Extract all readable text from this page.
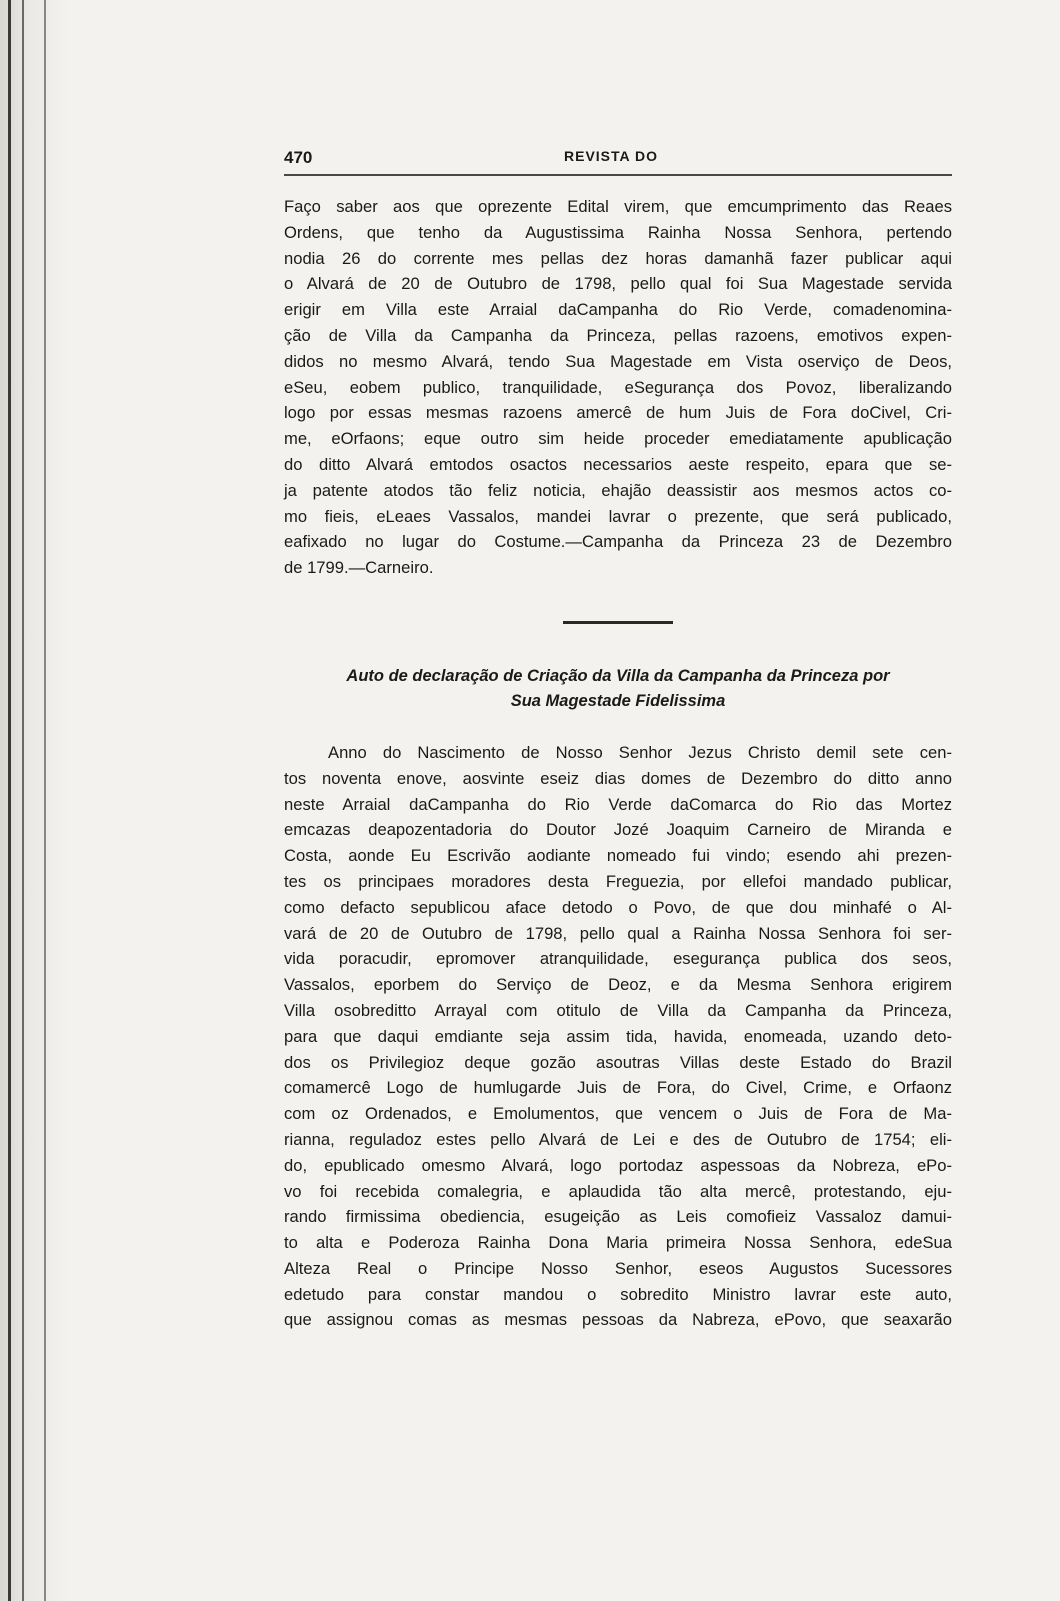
470	REVISTA DO
Faço saber aos que oprezente Edital virem, que emcumprimento das Reaes
Ordens, que tenho da Augustissima Rainha Nossa Senhora, pertendo
nodia 26 do corrente mes pellas dez horas damanhã fazer publicar aqui
o Alvará de 20 de Outubro de 1798, pello qual foi Sua Magestade servida
erigir em Villa este Arraial daCampanha do Rio Verde, comadenomina-
ção de Villa da Campanha da Princeza, pellas razoens, emotivos expen-
didos no mesmo Alvará, tendo Sua Magestade em Vista oserviço de Deos,
eSeu, eobem publico, tranquilidade, eSegurança dos Povoz, liberalizando
logo por essas mesmas razoens amercê de hum Juis de Fora doCivel, Cri-
me, eOrfaons; eque outro sim heide proceder emediatamente apublicação
do ditto Alvará emtodos osactos necessarios aeste respeito, epara que se-
ja patente atodos tão feliz noticia, ehajão deassistir aos mesmos actos co-
mo fieis, eLeaes Vassalos, mandei lavrar o prezente, que será publicado,
eafixado no lugar do Costume.—Campanha da Princeza 23 de Dezembro
de 1799.—Carneiro.
Auto de declaração de Criação da Villa da Campanha da Princeza por
Sua Magestade Fidelissima
Anno do Nascimento de Nosso Senhor Jezus Christo demil sete cen-
tos noventa enove, aosvinte eseiz dias domes de Dezembro do ditto anno
neste Arraial daCampanha do Rio Verde daComarca do Rio das Mortez
emcazas deapozentadoria do Doutor Jozé Joaquim Carneiro de Miranda e
Costa, aonde Eu Escrivão aodiante nomeado fui vindo; esendo ahi prezen-
tes os principaes moradores desta Freguezia, por ellefoi mandado publicar,
como defacto sepublicou aface detodo o Povo, de que dou minhafé o Al-
vará de 20 de Outubro de 1798, pello qual a Rainha Nossa Senhora foi ser-
vida poracudir, epromover atranquilidade, esegurança publica dos seos,
Vassalos, eporbem do Serviço de Deoz, e da Mesma Senhora erigirem
Villa osobreditto Arrayal com otitulo de Villa da Campanha da Princeza,
para que daqui emdiante seja assim tida, havida, enomeada, uzando deto-
dos os Privilegioz deque gozão asoutras Villas deste Estado do Brazil
comamercê Logo de humlugarde Juis de Fora, do Civel, Crime, e Orfaonz
com oz Ordenados, e Emolumentos, que vencem o Juis de Fora de Ma-
rianna, reguladoz estes pello Alvará de Lei e des de Outubro de 1754; eli-
do, epublicado omesmo Alvará, logo portodaz aspessoas da Nobreza, ePo-
vo foi recebida comalegria, e aplaudida tão alta mercê, protestando, eju-
rando firmissima obediencia, esugeição as Leis comofieiz Vassaloz damui-
to alta e Poderoza Rainha Dona Maria primeira Nossa Senhora, edeSua
Alteza Real o Principe Nosso Senhor, eseos Augustos Sucessores
edetudo para constar mandou o sobredito Ministro lavrar este auto,
que assignou comas as mesmas pessoas da Nabreza, ePovo, que seaxarão
